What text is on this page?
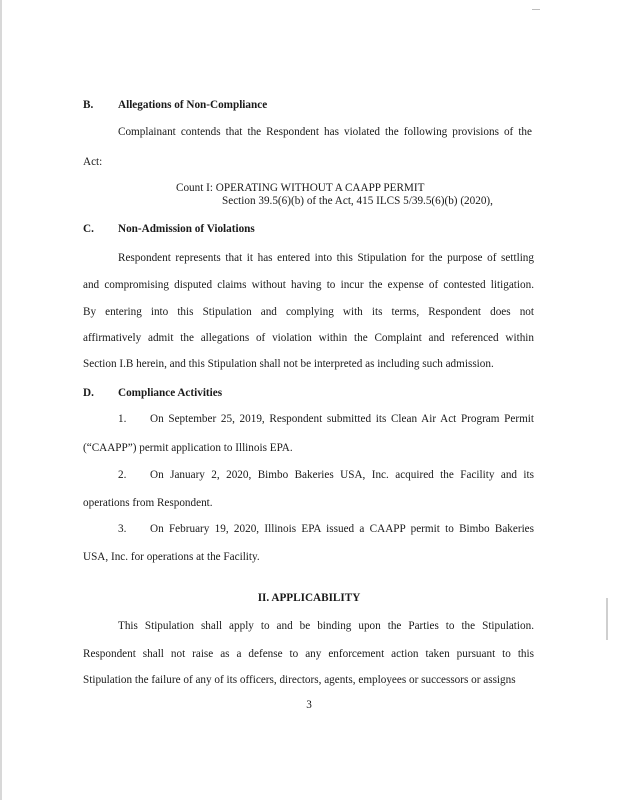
B. Allegations of Non-Compliance
Complainant contends that the Respondent has violated the following provisions of the
Act:
Count I: OPERATING WITHOUT A CAAPP PERMIT
Section 39.5(6)(b) of the Act, 415 ILCS 5/39.5(6)(b) (2020),
C. Non-Admission of Violations
Respondent represents that it has entered into this Stipulation for the purpose of settling
and compromising disputed claims without having to incur the expense of contested litigation.
By entering into this Stipulation and complying with its terms, Respondent does not
affirmatively admit the allegations of violation within the Complaint and referenced within
Section I.B herein, and this Stipulation shall not be interpreted as including such admission.
D. Compliance Activities
1. On September 25, 2019, Respondent submitted its Clean Air Act Program Permit
(“CAAPP”) permit application to Illinois EPA.
2. On January 2, 2020, Bimbo Bakeries USA, Inc. acquired the Facility and its
operations from Respondent.
3. On February 19, 2020, Illinois EPA issued a CAAPP permit to Bimbo Bakeries
USA, Inc. for operations at the Facility.
II. APPLICABILITY
This Stipulation shall apply to and be binding upon the Parties to the Stipulation.
Respondent shall not raise as a defense to any enforcement action taken pursuant to this
Stipulation the failure of any of its officers, directors, agents, employees or successors or assigns
3
